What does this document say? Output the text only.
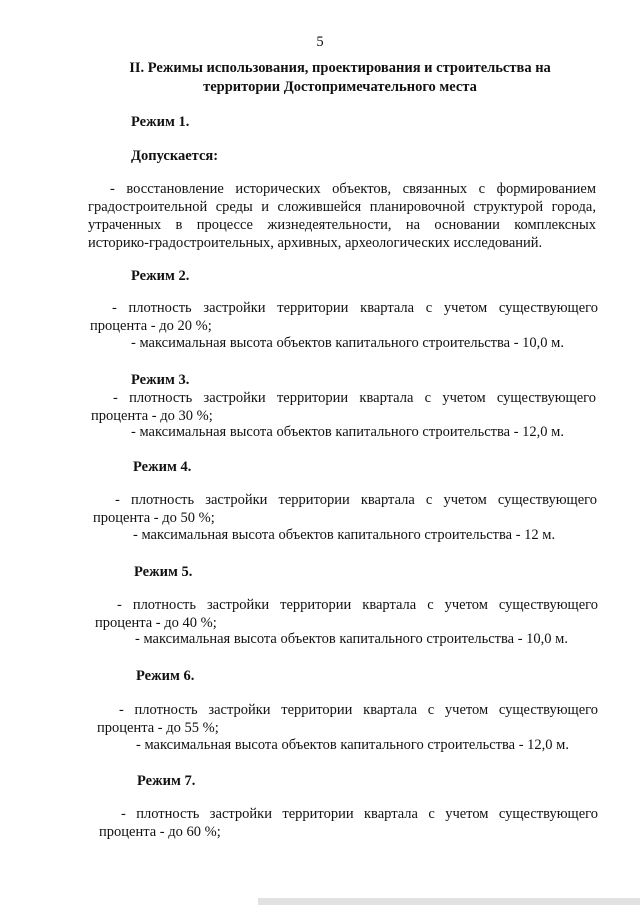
5
II. Режимы использования, проектирования и строительства на территории Достопримечательного места
Режим 1.
Допускается:
- восстановление исторических объектов, связанных с формированием градостроительной среды и сложившейся планировочной структурой города, утраченных в процессе жизнедеятельности, на основании комплексных историко-градостроительных, архивных, археологических исследований.
Режим 2.
- плотность застройки территории квартала с учетом существующего процента - до 20 %;
- максимальная высота объектов капитального строительства - 10,0 м.
Режим 3.
- плотность застройки территории квартала с учетом существующего процента - до 30 %;
- максимальная высота объектов капитального строительства - 12,0 м.
Режим 4.
- плотность застройки территории квартала с учетом существующего процента - до 50 %;
- максимальная высота объектов капитального строительства - 12 м.
Режим 5.
- плотность застройки территории квартала с учетом существующего процента - до 40 %;
- максимальная высота объектов капитального строительства - 10,0 м.
Режим 6.
- плотность застройки территории квартала с учетом существующего процента - до 55 %;
- максимальная высота объектов капитального строительства - 12,0 м.
Режим 7.
- плотность застройки территории квартала с учетом существующего процента - до 60 %;
